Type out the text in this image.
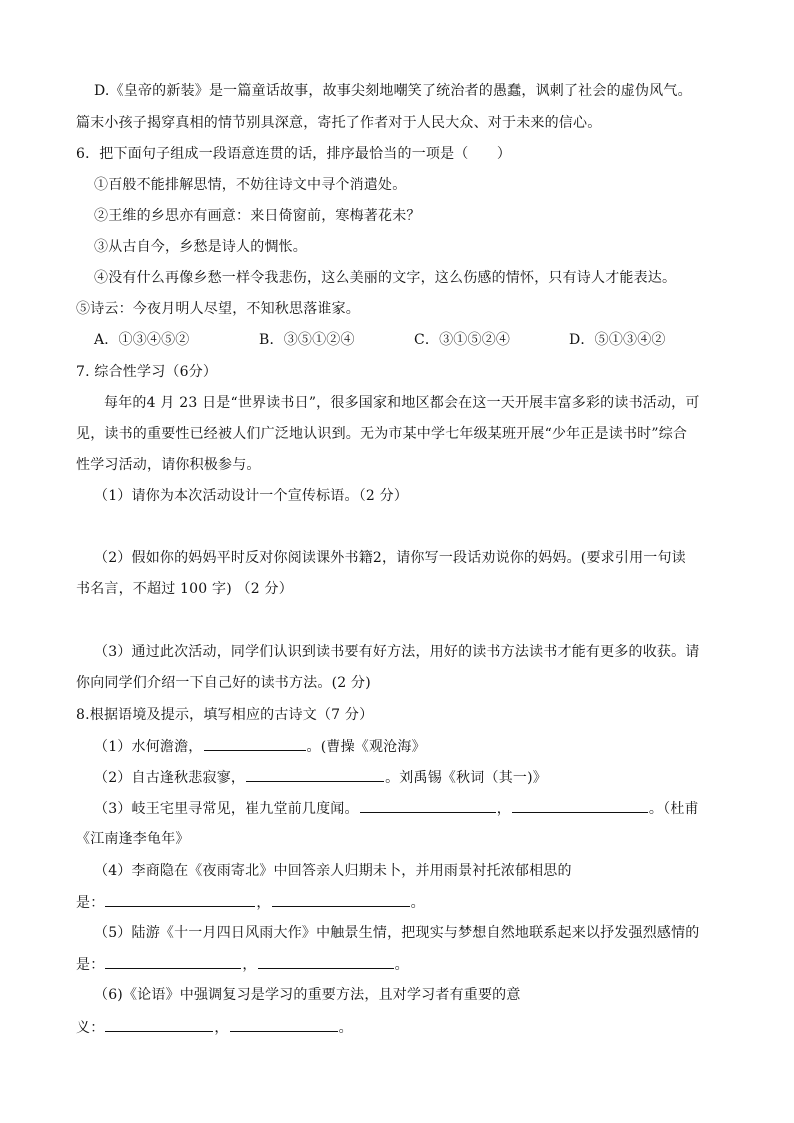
D.《皇帝的新装》是一篇童话故事，故事尖刻地嘲笑了统治者的愚蠢，讽刺了社会的虚伪风气。
篇末小孩子揭穿真相的情节别具深意，寄托了作者对于人民大众、对于未来的信心。
6．把下面句子组成一段语意连贯的话，排序最恰当的一项是（　　）
①百般不能排解思情，不妨往诗文中寻个消遣处。
②王维的乡思亦有画意：来日倚窗前，寒梅著花未？
③从古自今，乡愁是诗人的惆怅。
④没有什么再像乡愁一样令我悲伤，这么美丽的文字，这么伤感的情怀，只有诗人才能表达。
⑤诗云：今夜月明人尽望，不知秋思落谁家。
A．①③④⑤②	B．③⑤①②④	C．③①⑤②④	D．⑤①③④②
7. 综合性学习（6分）
每年的4 月 23 日是“世界读书日”，很多国家和地区都会在这一天开展丰富多彩的读书活动，可
见，读书的重要性已经被人们广泛地认识到。无为市某中学七年级某班开展“少年正是读书时”综合
性学习活动，请你积极参与。
（1）请你为本次活动设计一个宣传标语。（2 分）
（2）假如你的妈妈平时反对你阅读课外书籍2，请你写一段话劝说你的妈妈。(要求引用一句读
书名言，不超过 100 字) （2 分）
（3）通过此次活动，同学们认识到读书要有好方法，用好的读书方法读书才能有更多的收获。请
你向同学们介绍一下自己好的读书方法。(2 分)
8.根据语境及提示，填写相应的古诗文（7 分）
（1）水何澹澹，	。(曹操《观沧海》
（2）自古逢秋悲寂寥，	。刘禹锡《秋词（其一)》
（3）岐王宅里寻常见，崔九堂前几度闻。	，	。（杜甫
《江南逢李龟年》
（4）李商隐在《夜雨寄北》中回答亲人归期未卜，并用雨景衬托浓郁相思的
是：	，	。
（5）陆游《十一月四日风雨大作》中触景生情，把现实与梦想自然地联系起来以抒发强烈感情的
是：	，	。
（6)《论语》中强调复习是学习的重要方法，且对学习者有重要的意
义：	，	。
